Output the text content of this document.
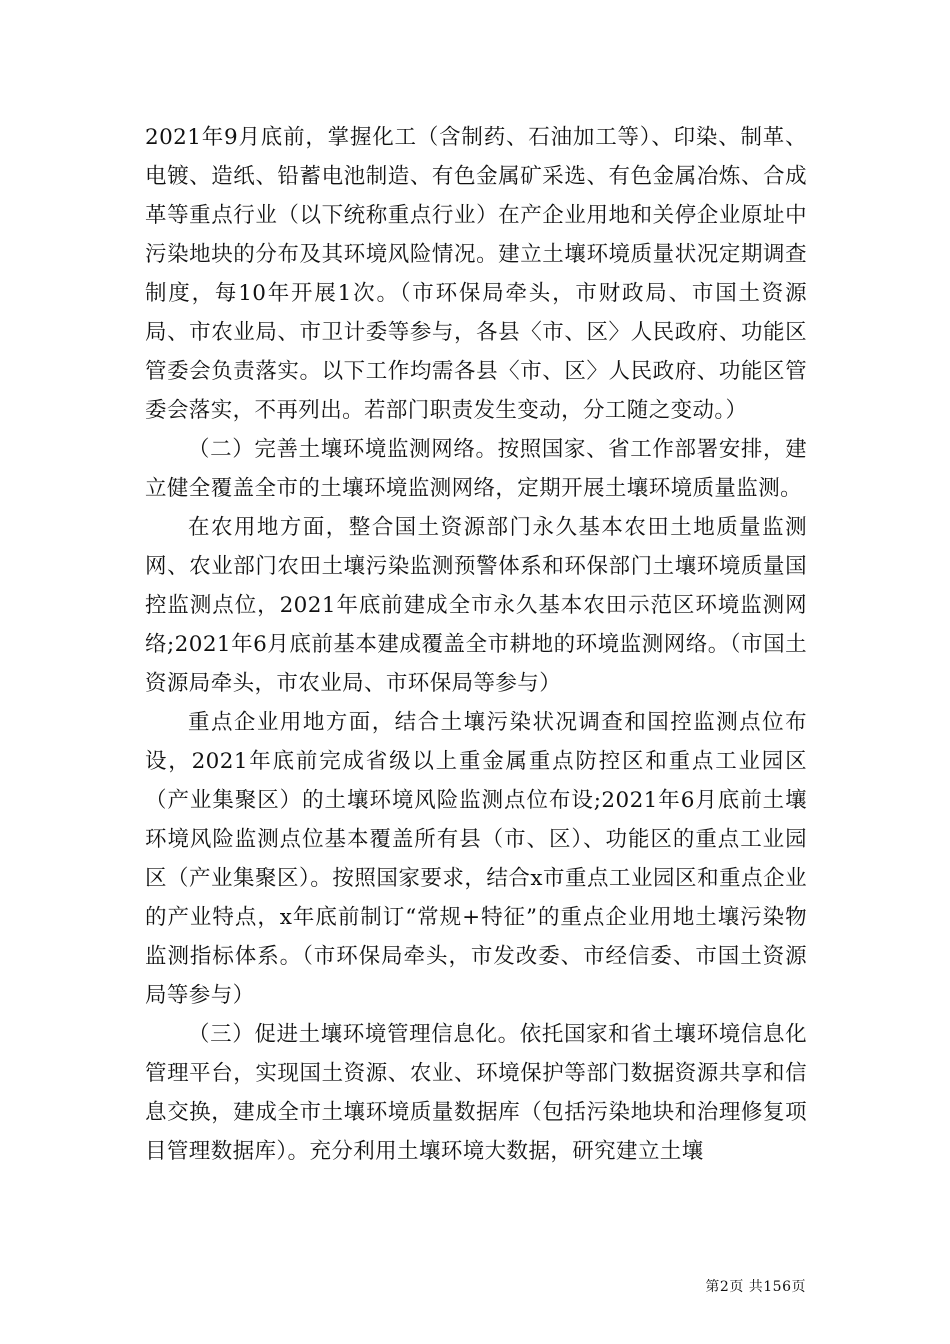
2021年9月底前，掌握化工（含制药、石油加工等）、印染、制革、电镀、造纸、铅蓄电池制造、有色金属矿采选、有色金属冶炼、合成革等重点行业（以下统称重点行业）在产企业用地和关停企业原址中污染地块的分布及其环境风险情况。建立土壤环境质量状况定期调查制度，每10年开展1次。（市环保局牵头，市财政局、市国土资源局、市农业局、市卫计委等参与，各县〈市、区〉人民政府、功能区管委会负责落实。以下工作均需各县〈市、区〉人民政府、功能区管委会落实，不再列出。若部门职责发生变动，分工随之变动。）

（二）完善土壤环境监测网络。按照国家、省工作部署安排，建立健全覆盖全市的土壤环境监测网络，定期开展土壤环境质量监测。

在农用地方面，整合国土资源部门永久基本农田土地质量监测网、农业部门农田土壤污染监测预警体系和环保部门土壤环境质量国控监测点位，2021年底前建成全市永久基本农田示范区环境监测网络;2021年6月底前基本建成覆盖全市耕地的环境监测网络。（市国土资源局牵头，市农业局、市环保局等参与）

重点企业用地方面，结合土壤污染状况调查和国控监测点位布设，2021年底前完成省级以上重金属重点防控区和重点工业园区（产业集聚区）的土壤环境风险监测点位布设;2021年6月底前土壤环境风险监测点位基本覆盖所有县（市、区）、功能区的重点工业园区（产业集聚区）。按照国家要求，结合x市重点工业园区和重点企业的产业特点，x年底前制订“常规+特征”的重点企业用地土壤污染物监测指标体系。（市环保局牵头，市发改委、市经信委、市国土资源局等参与）

（三）促进土壤环境管理信息化。依托国家和省土壤环境信息化管理平台，实现国土资源、农业、环境保护等部门数据资源共享和信息交换，建成全市土壤环境质量数据库（包括污染地块和治理修复项目管理数据库）。充分利用土壤环境大数据，研究建立土壤

第2页 共156页
